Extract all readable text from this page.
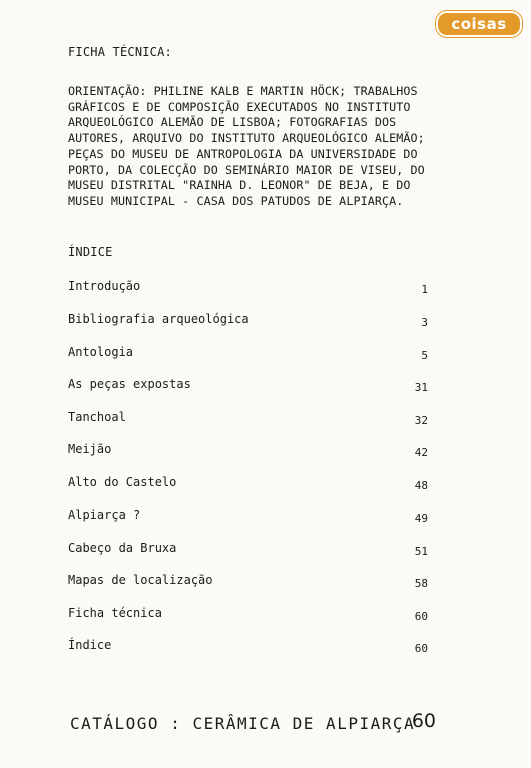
coisas
FICHA TÉCNICA:
ORIENTAÇÃO: PHILINE KALB E MARTIN HÖCK; TRABALHOS
GRÁFICOS E DE COMPOSIÇÃO EXECUTADOS NO INSTITUTO
ARQUEOLÓGICO ALEMÃO DE LISBOA; FOTOGRAFIAS DOS
AUTORES, ARQUIVO DO INSTITUTO ARQUEOLÓGICO ALEMÃO;
PEÇAS DO MUSEU DE ANTROPOLOGIA DA UNIVERSIDADE DO
PORTO, DA COLECÇÃO DO SEMINÁRIO MAIOR DE VISEU, DO
MUSEU DISTRITAL "RAINHA D. LEONOR" DE BEJA, E DO
MUSEU MUNICIPAL - CASA DOS PATUDOS DE ALPIARÇA.
ÍNDICE
Introdução	1
Bibliografia arqueológica	3
Antologia	5
As peças expostas	31
Tanchoal	32
Meijão	42
Alto do Castelo	48
Alpiarça ?	49
Cabeço da Bruxa	51
Mapas de localização	58
Ficha técnica	60
Índice	60
CATÁLOGO : CERÂMICA DE ALPIARÇA
60
